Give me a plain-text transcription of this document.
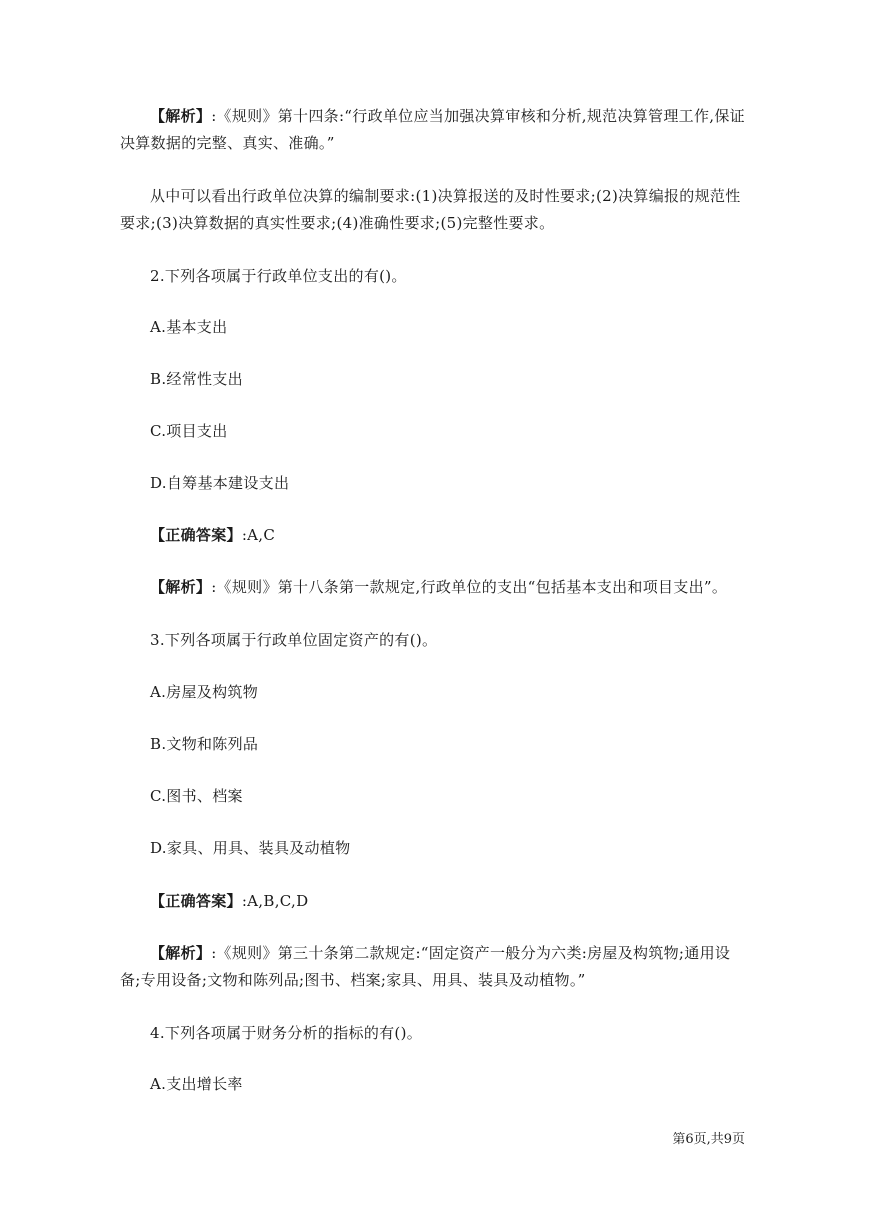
【解析】:《规则》第十四条:“行政单位应当加强决算审核和分析,规范决算管理工作,保证决算数据的完整、真实、准确。”

从中可以看出行政单位决算的编制要求:(1)决算报送的及时性要求;(2)决算编报的规范性要求;(3)决算数据的真实性要求;(4)准确性要求;(5)完整性要求。

2.下列各项属于行政单位支出的有()。

A.基本支出

B.经常性支出

C.项目支出

D.自筹基本建设支出

【正确答案】:A,C

【解析】:《规则》第十八条第一款规定,行政单位的支出“包括基本支出和项目支出”。

3.下列各项属于行政单位固定资产的有()。

A.房屋及构筑物

B.文物和陈列品

C.图书、档案

D.家具、用具、装具及动植物

【正确答案】:A,B,C,D

【解析】:《规则》第三十条第二款规定:“固定资产一般分为六类:房屋及构筑物;通用设备;专用设备;文物和陈列品;图书、档案;家具、用具、装具及动植物。”

4.下列各项属于财务分析的指标的有()。

A.支出增长率

第6页,共9页
